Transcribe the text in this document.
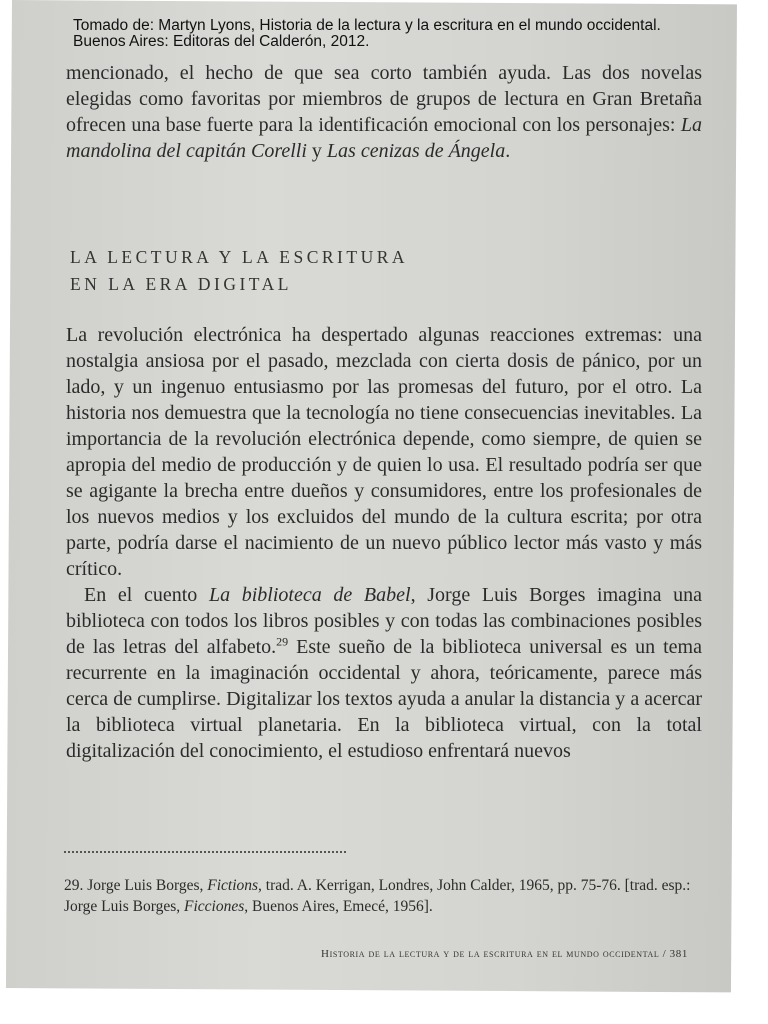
Tomado de: Martyn Lyons, Historia de la lectura y la escritura en el mundo occidental. Buenos Aires: Editoras del Calderón, 2012.

mencionado, el hecho de que sea corto también ayuda. Las dos novelas elegidas como favoritas por miembros de grupos de lectura en Gran Bretaña ofrecen una base fuerte para la identificación emocional con los personajes: La mandolina del capitán Corelli y Las cenizas de Ángela.

LA LECTURA Y LA ESCRITURA
EN LA ERA DIGITAL

La revolución electrónica ha despertado algunas reacciones extremas: una nostalgia ansiosa por el pasado, mezclada con cierta dosis de pánico, por un lado, y un ingenuo entusiasmo por las promesas del futuro, por el otro. La historia nos demuestra que la tecnología no tiene consecuencias inevitables. La importancia de la revolución electrónica depende, como siempre, de quien se apropia del medio de producción y de quien lo usa. El resultado podría ser que se agigante la brecha entre dueños y consumidores, entre los profesionales de los nuevos medios y los excluidos del mundo de la cultura escrita; por otra parte, podría darse el nacimiento de un nuevo público lector más vasto y más crítico.

En el cuento La biblioteca de Babel, Jorge Luis Borges imagina una biblioteca con todos los libros posibles y con todas las combinaciones posibles de las letras del alfabeto.$^{29}$ Este sueño de la biblioteca universal es un tema recurrente en la imaginación occidental y ahora, teóricamente, parece más cerca de cumplirse. Digitalizar los textos ayuda a anular la distancia y a acercar la biblioteca virtual planetaria. En la biblioteca virtual, con la total digitalización del conocimiento, el estudioso enfrentará nuevos

29. Jorge Luis Borges, Fictions, trad. A. Kerrigan, Londres, John Calder, 1965, pp. 75-76. [trad. esp.: Jorge Luis Borges, Ficciones, Buenos Aires, Emecé, 1956].
Historia de la lectura y de la escritura en el mundo occidental / 381
